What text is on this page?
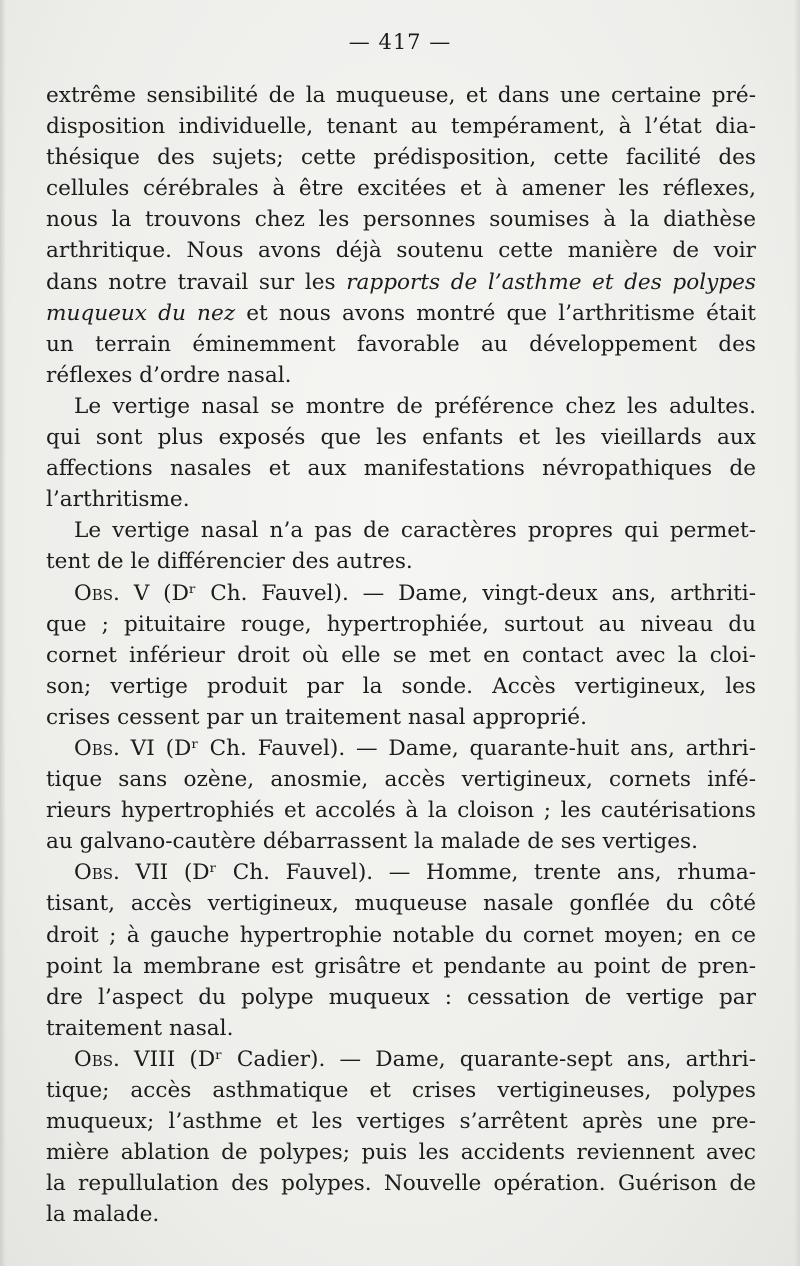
— 417 —
extrême sensibilité de la muqueuse, et dans une certaine pré-
disposition individuelle, tenant au tempérament, à l’état dia-
thésique des sujets; cette prédisposition, cette facilité des
cellules cérébrales à être excitées et à amener les réflexes,
nous la trouvons chez les personnes soumises à la diathèse
arthritique. Nous avons déjà soutenu cette manière de voir
dans notre travail sur les rapports de l’asthme et des polypes
muqueux du nez et nous avons montré que l’arthritisme était
un terrain éminemment favorable au développement des
réflexes d’ordre nasal.
Le vertige nasal se montre de préférence chez les adultes.
qui sont plus exposés que les enfants et les vieillards aux
affections nasales et aux manifestations névropathiques de
l’arthritisme.
Le vertige nasal n’a pas de caractères propres qui permet-
tent de le différencier des autres.
Obs. V (Dʳ Ch. Fauvel). — Dame, vingt-deux ans, arthriti-
que ; pituitaire rouge, hypertrophiée, surtout au niveau du
cornet inférieur droit où elle se met en contact avec la cloi-
son; vertige produit par la sonde. Accès vertigineux, les
crises cessent par un traitement nasal approprié.
Obs. VI (Dʳ Ch. Fauvel). — Dame, quarante-huit ans, arthri-
tique sans ozène, anosmie, accès vertigineux, cornets infé-
rieurs hypertrophiés et accolés à la cloison ; les cautérisations
au galvano-cautère débarrassent la malade de ses vertiges.
Obs. VII (Dʳ Ch. Fauvel). — Homme, trente ans, rhuma-
tisant, accès vertigineux, muqueuse nasale gonflée du côté
droit ; à gauche hypertrophie notable du cornet moyen; en ce
point la membrane est grisâtre et pendante au point de pren-
dre l’aspect du polype muqueux : cessation de vertige par
traitement nasal.
Obs. VIII (Dʳ Cadier). — Dame, quarante-sept ans, arthri-
tique; accès asthmatique et crises vertigineuses, polypes
muqueux; l’asthme et les vertiges s’arrêtent après une pre-
mière ablation de polypes; puis les accidents reviennent avec
la repullulation des polypes. Nouvelle opération. Guérison de
la malade.
